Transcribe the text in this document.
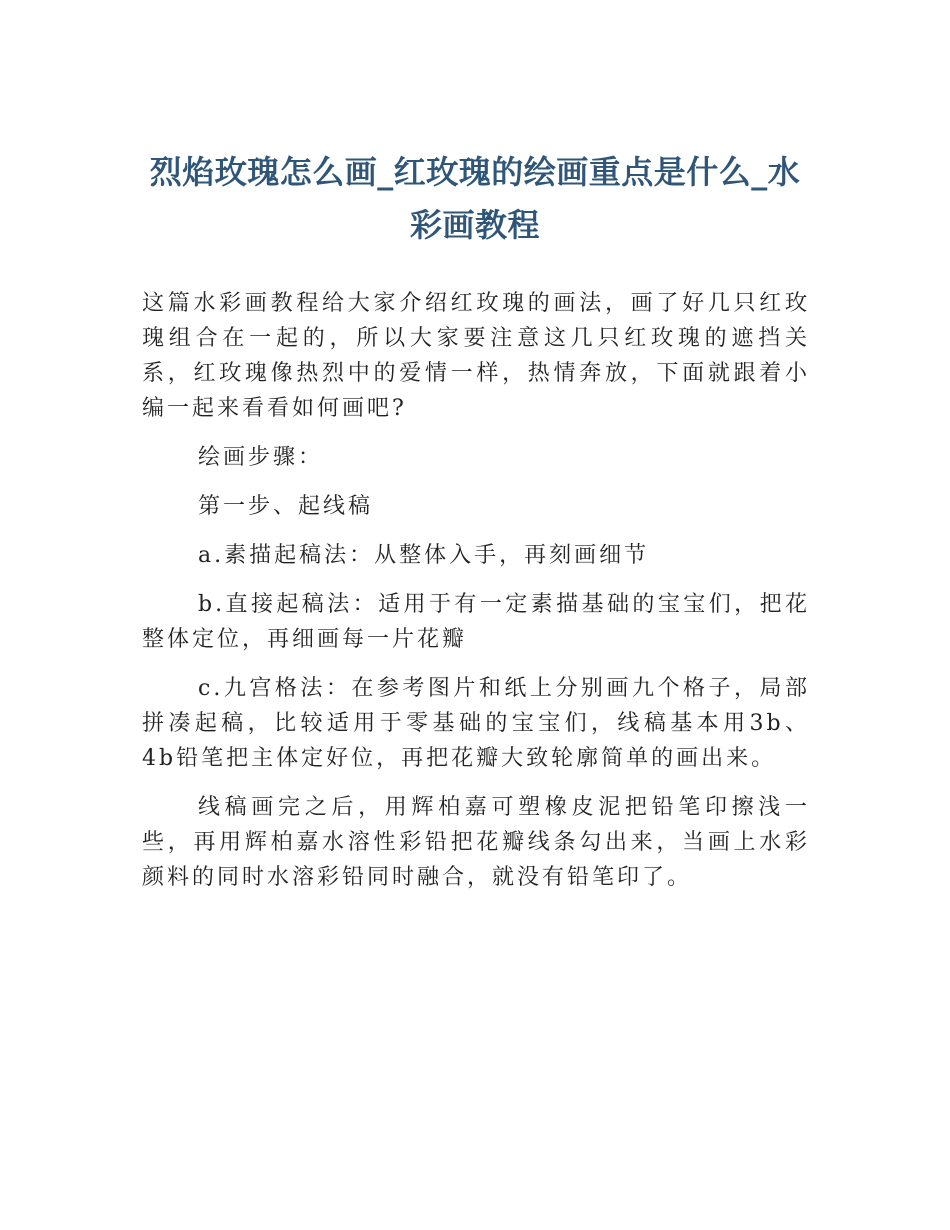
烈焰玫瑰怎么画_红玫瑰的绘画重点是什么_水彩画教程

这篇水彩画教程给大家介绍红玫瑰的画法，画了好几只红玫瑰组合在一起的，所以大家要注意这几只红玫瑰的遮挡关系，红玫瑰像热烈中的爱情一样，热情奔放，下面就跟着小编一起来看看如何画吧?

绘画步骤：

第一步、起线稿

a.素描起稿法：从整体入手，再刻画细节

b.直接起稿法：适用于有一定素描基础的宝宝们，把花整体定位，再细画每一片花瓣

c.九宫格法：在参考图片和纸上分别画九个格子，局部拼凑起稿，比较适用于零基础的宝宝们，线稿基本用3b、4b铅笔把主体定好位，再把花瓣大致轮廓简单的画出来。

线稿画完之后，用辉柏嘉可塑橡皮泥把铅笔印擦浅一些，再用辉柏嘉水溶性彩铅把花瓣线条勾出来，当画上水彩颜料的同时水溶彩铅同时融合，就没有铅笔印了。
